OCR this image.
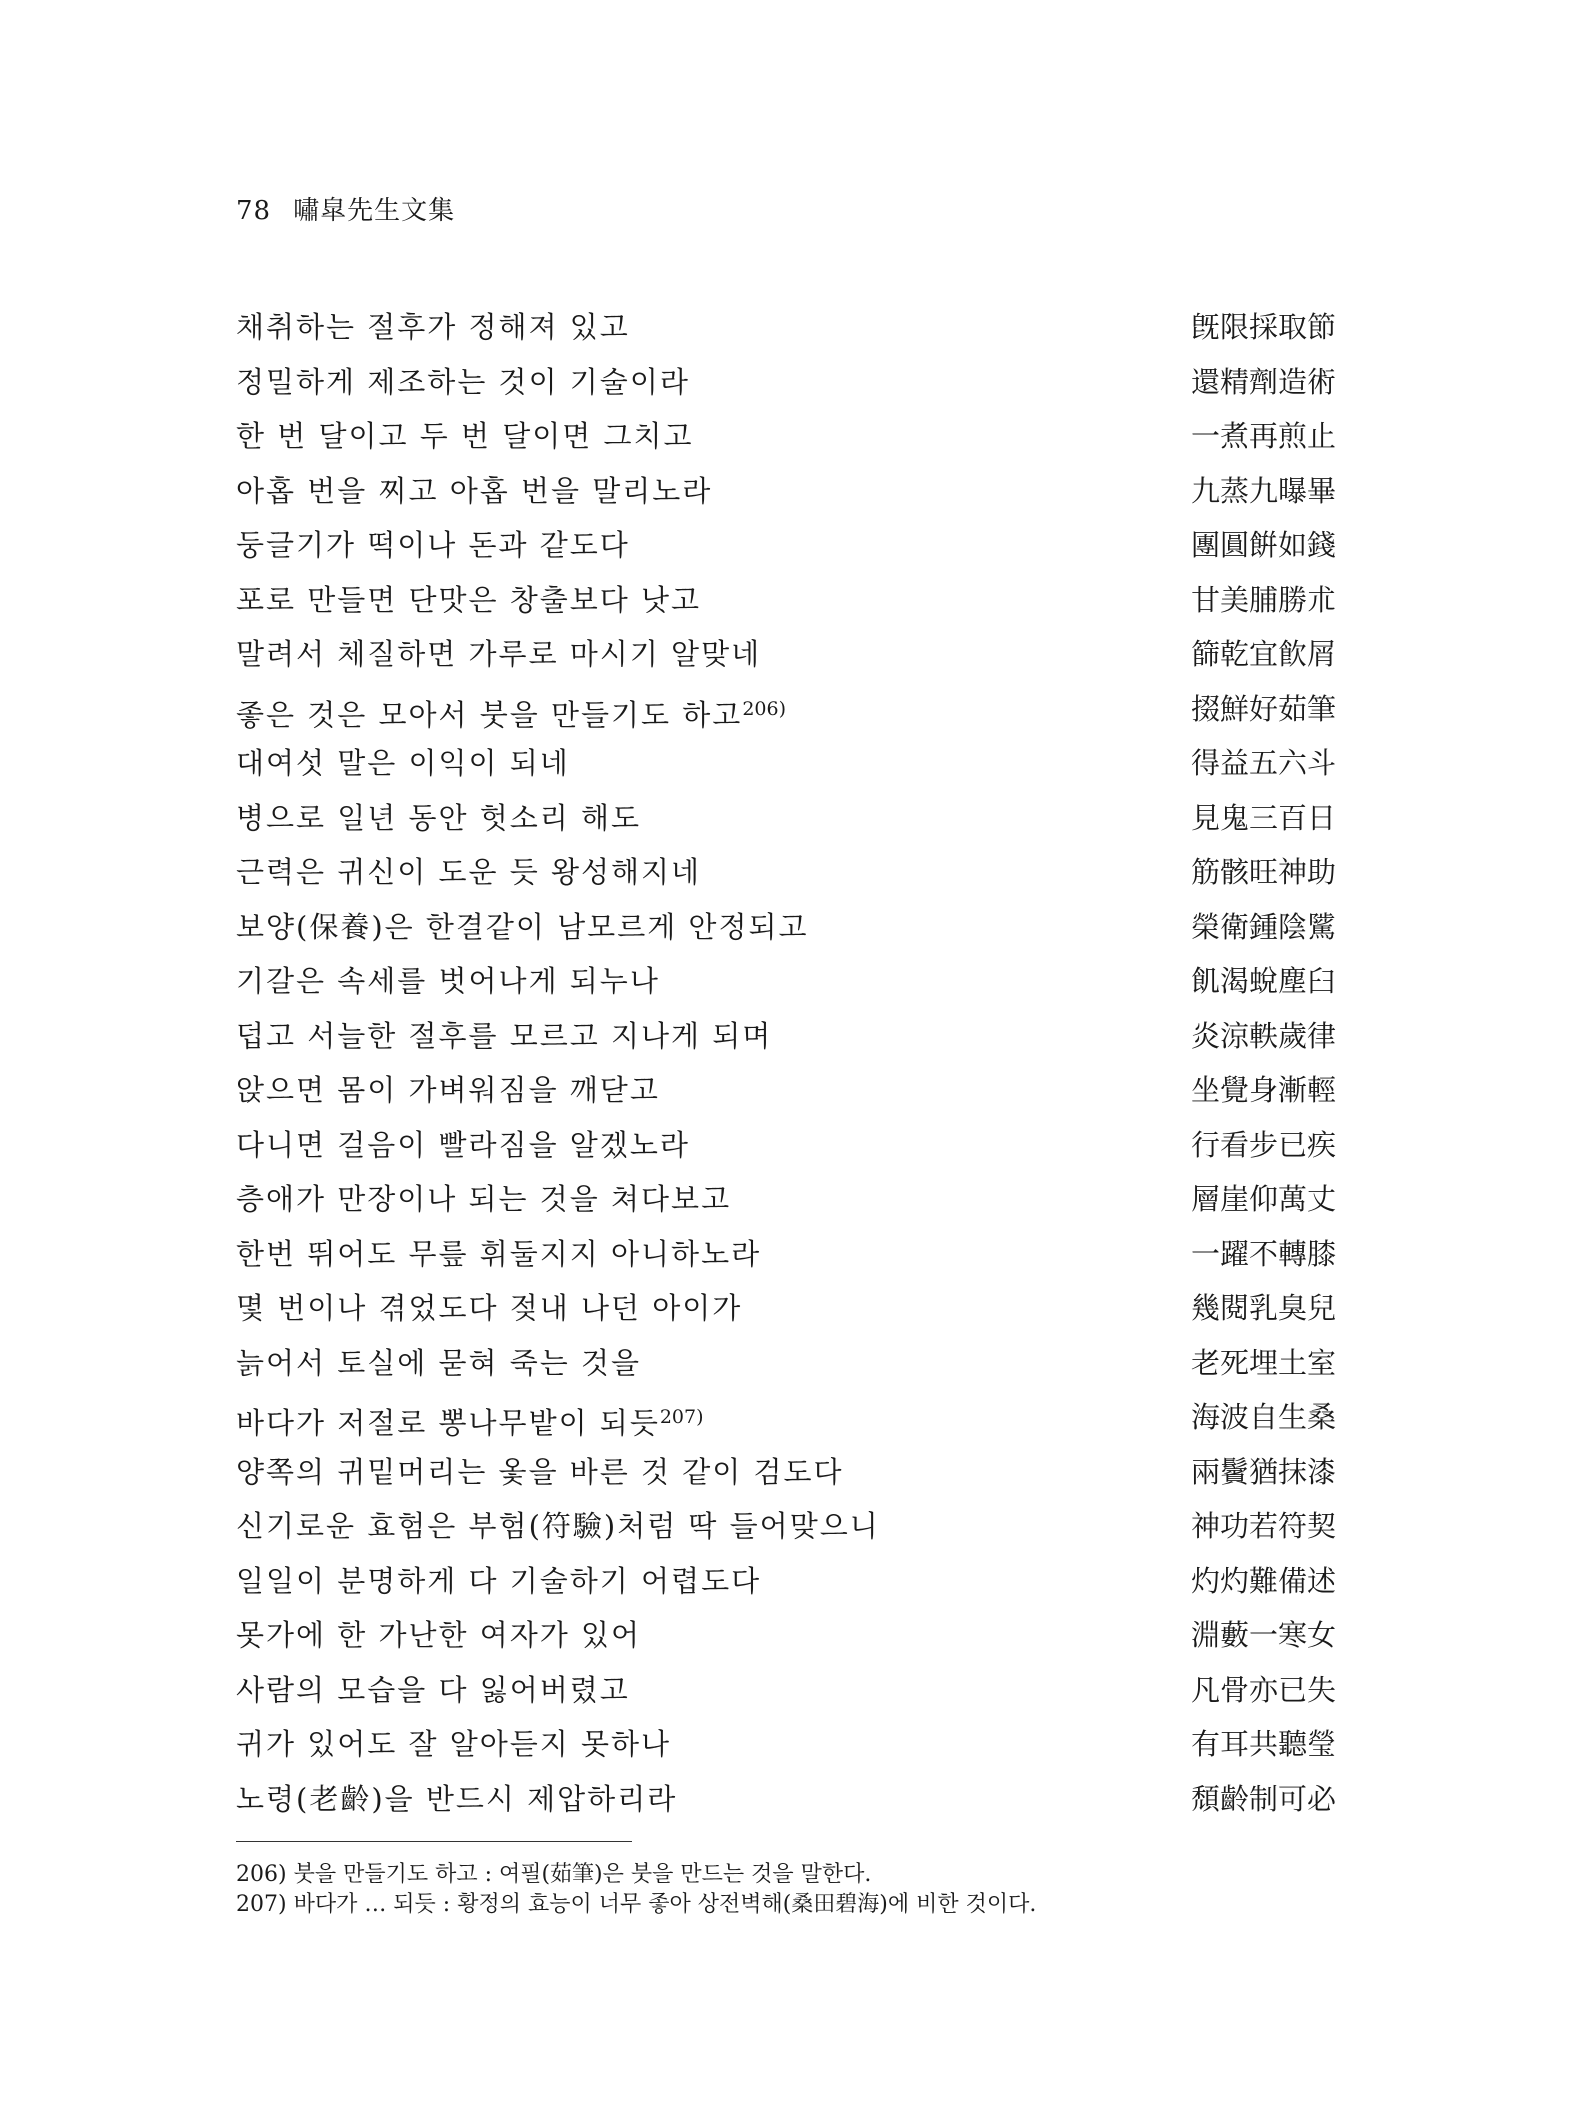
78 嘯皐先生文集
채취하는 절후가 정해져 있고	旣限採取節
정밀하게 제조하는 것이 기술이라	還精劑造術
한 번 달이고 두 번 달이면 그치고	一煮再煎止
아홉 번을 찌고 아홉 번을 말리노라	九蒸九曝畢
둥글기가 떡이나 돈과 같도다	團圓餠如錢
포로 만들면 단맛은 창출보다 낫고	甘美脯勝朮
말려서 체질하면 가루로 마시기 알맞네	篩乾宜飮屑
좋은 것은 모아서 붓을 만들기도 하고$^{206)}$	掇鮮好茹筆
대여섯 말은 이익이 되네	得益五六斗
병으로 일년 동안 헛소리 해도	見鬼三百日
근력은 귀신이 도운 듯 왕성해지네	筋骸旺神助
보양(保養)은 한결같이 남모르게 안정되고	榮衛鍾陰騭
기갈은 속세를 벗어나게 되누나	飢渴蛻塵臼
덥고 서늘한 절후를 모르고 지나게 되며	炎涼軼歲律
앉으면 몸이 가벼워짐을 깨닫고	坐覺身漸輕
다니면 걸음이 빨라짐을 알겠노라	行看步已疾
층애가 만장이나 되는 것을 쳐다보고	層崖仰萬丈
한번 뛰어도 무릎 휘둘지지 아니하노라	一躍不轉膝
몇 번이나 겪었도다 젖내 나던 아이가	幾閱乳臭兒
늙어서 토실에 묻혀 죽는 것을	老死埋土室
바다가 저절로 뽕나무밭이 되듯$^{207)}$	海波自生桑
양쪽의 귀밑머리는 옻을 바른 것 같이 검도다	兩鬢猶抹漆
신기로운 효험은 부험(符驗)처럼 딱 들어맞으니	神功若符契
일일이 분명하게 다 기술하기 어렵도다	灼灼難備述
못가에 한 가난한 여자가 있어	淵藪一寒女
사람의 모습을 다 잃어버렸고	凡骨亦已失
귀가 있어도 잘 알아듣지 못하나	有耳共聽瑩
노령(老齡)을 반드시 제압하리라	頹齡制可必
206) 붓을 만들기도 하고 : 여필(茹筆)은 붓을 만드는 것을 말한다.
207) 바다가 … 되듯 : 황정의 효능이 너무 좋아 상전벽해(桑田碧海)에 비한 것이다.
